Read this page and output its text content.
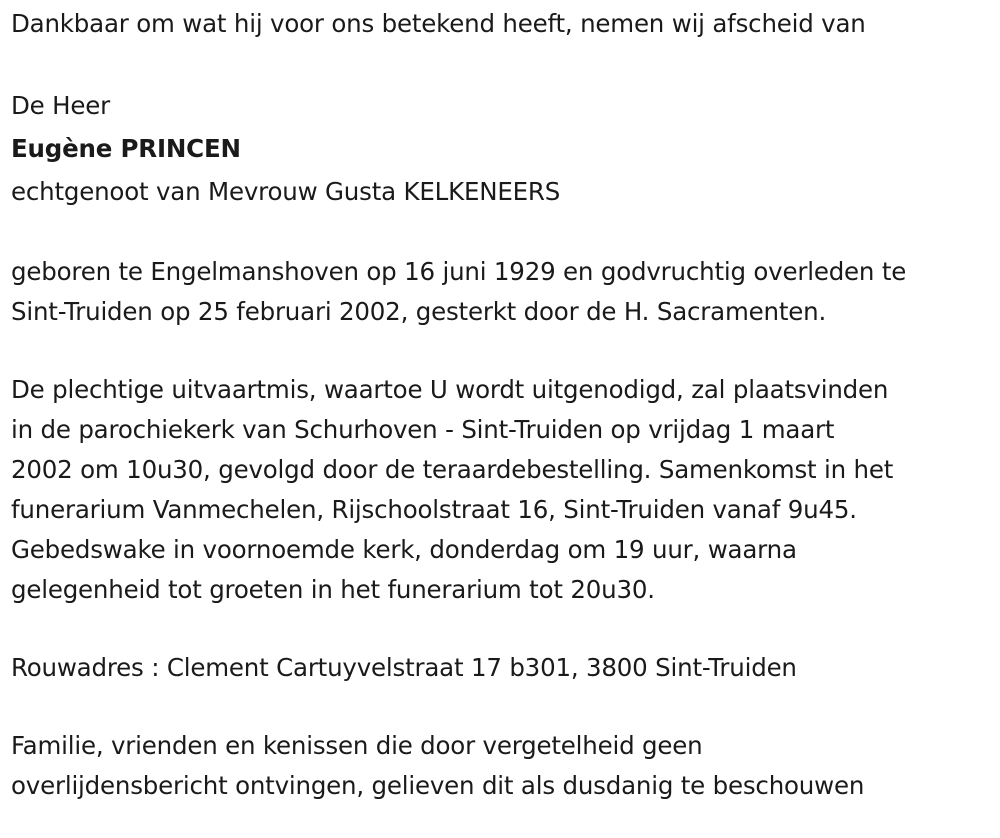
Dankbaar om wat hij voor ons betekend heeft, nemen wij afscheid van
De Heer
Eugène PRINCEN
echtgenoot van Mevrouw Gusta KELKENEERS
geboren te Engelmanshoven op 16 juni 1929 en godvruchtig overleden te
Sint-Truiden op 25 februari 2002, gesterkt door de H. Sacramenten.
De plechtige uitvaartmis, waartoe U wordt uitgenodigd, zal plaatsvinden
in de parochiekerk van Schurhoven - Sint-Truiden op vrijdag 1 maart
2002 om 10u30, gevolgd door de teraardebestelling. Samenkomst in het
funerarium Vanmechelen, Rijschoolstraat 16, Sint-Truiden vanaf 9u45.
Gebedswake in voornoemde kerk, donderdag om 19 uur, waarna
gelegenheid tot groeten in het funerarium tot 20u30.
Rouwadres : Clement Cartuyvelstraat 17 b301, 3800 Sint-Truiden
Familie, vrienden en kenissen die door vergetelheid geen
overlijdensbericht ontvingen, gelieven dit als dusdanig te beschouwen
